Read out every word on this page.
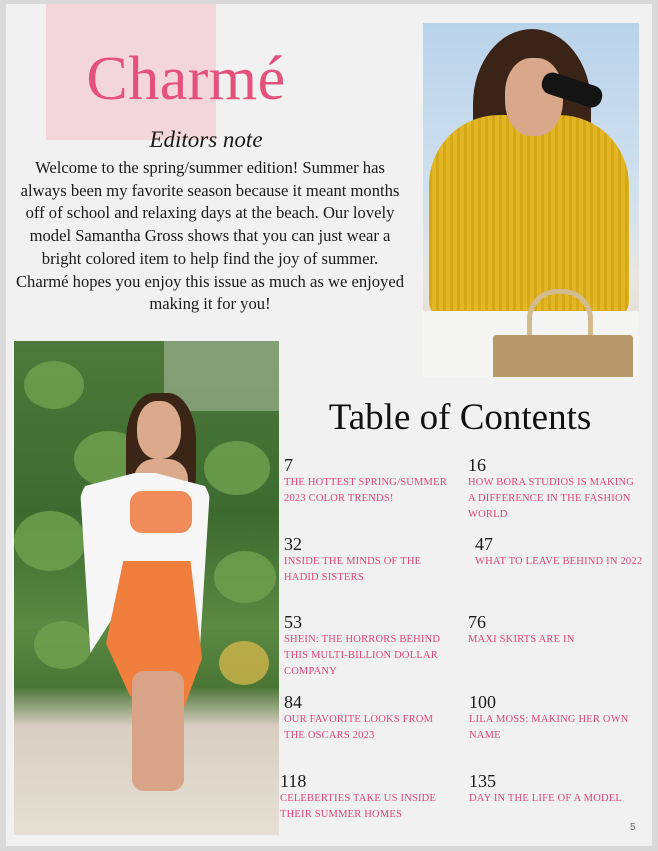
Charmé
Editors note
Welcome to the spring/summer edition! Summer has always been my favorite season because it meant months off of school and relaxing days at the beach. Our lovely model Samantha Gross shows that you can just wear a bright colored item to help find the joy of summer. Charmé hopes you enjoy this issue as much as we enjoyed making it for you!
Table of Contents
7
THE HOTTEST SPRING/SUMMER 2023 COLOR TRENDS!
16
HOW BORA STUDIOS IS MAKING A DIFFERENCE IN THE FASHION WORLD
32
INSIDE THE MINDS OF THE HADID SISTERS
47
WHAT TO LEAVE BEHIND IN 2022
53
SHEIN: THE HORRORS BEHIND THIS MULTI-BILLION DOLLAR COMPANY
76
MAXI SKIRTS ARE IN
84
OUR FAVORITE LOOKS FROM THE OSCARS 2023
100
LILA MOSS: MAKING HER OWN NAME
118
CELEBERTIES TAKE US INSIDE THEIR SUMMER HOMES
135
DAY IN THE LIFE OF A MODEL
5
